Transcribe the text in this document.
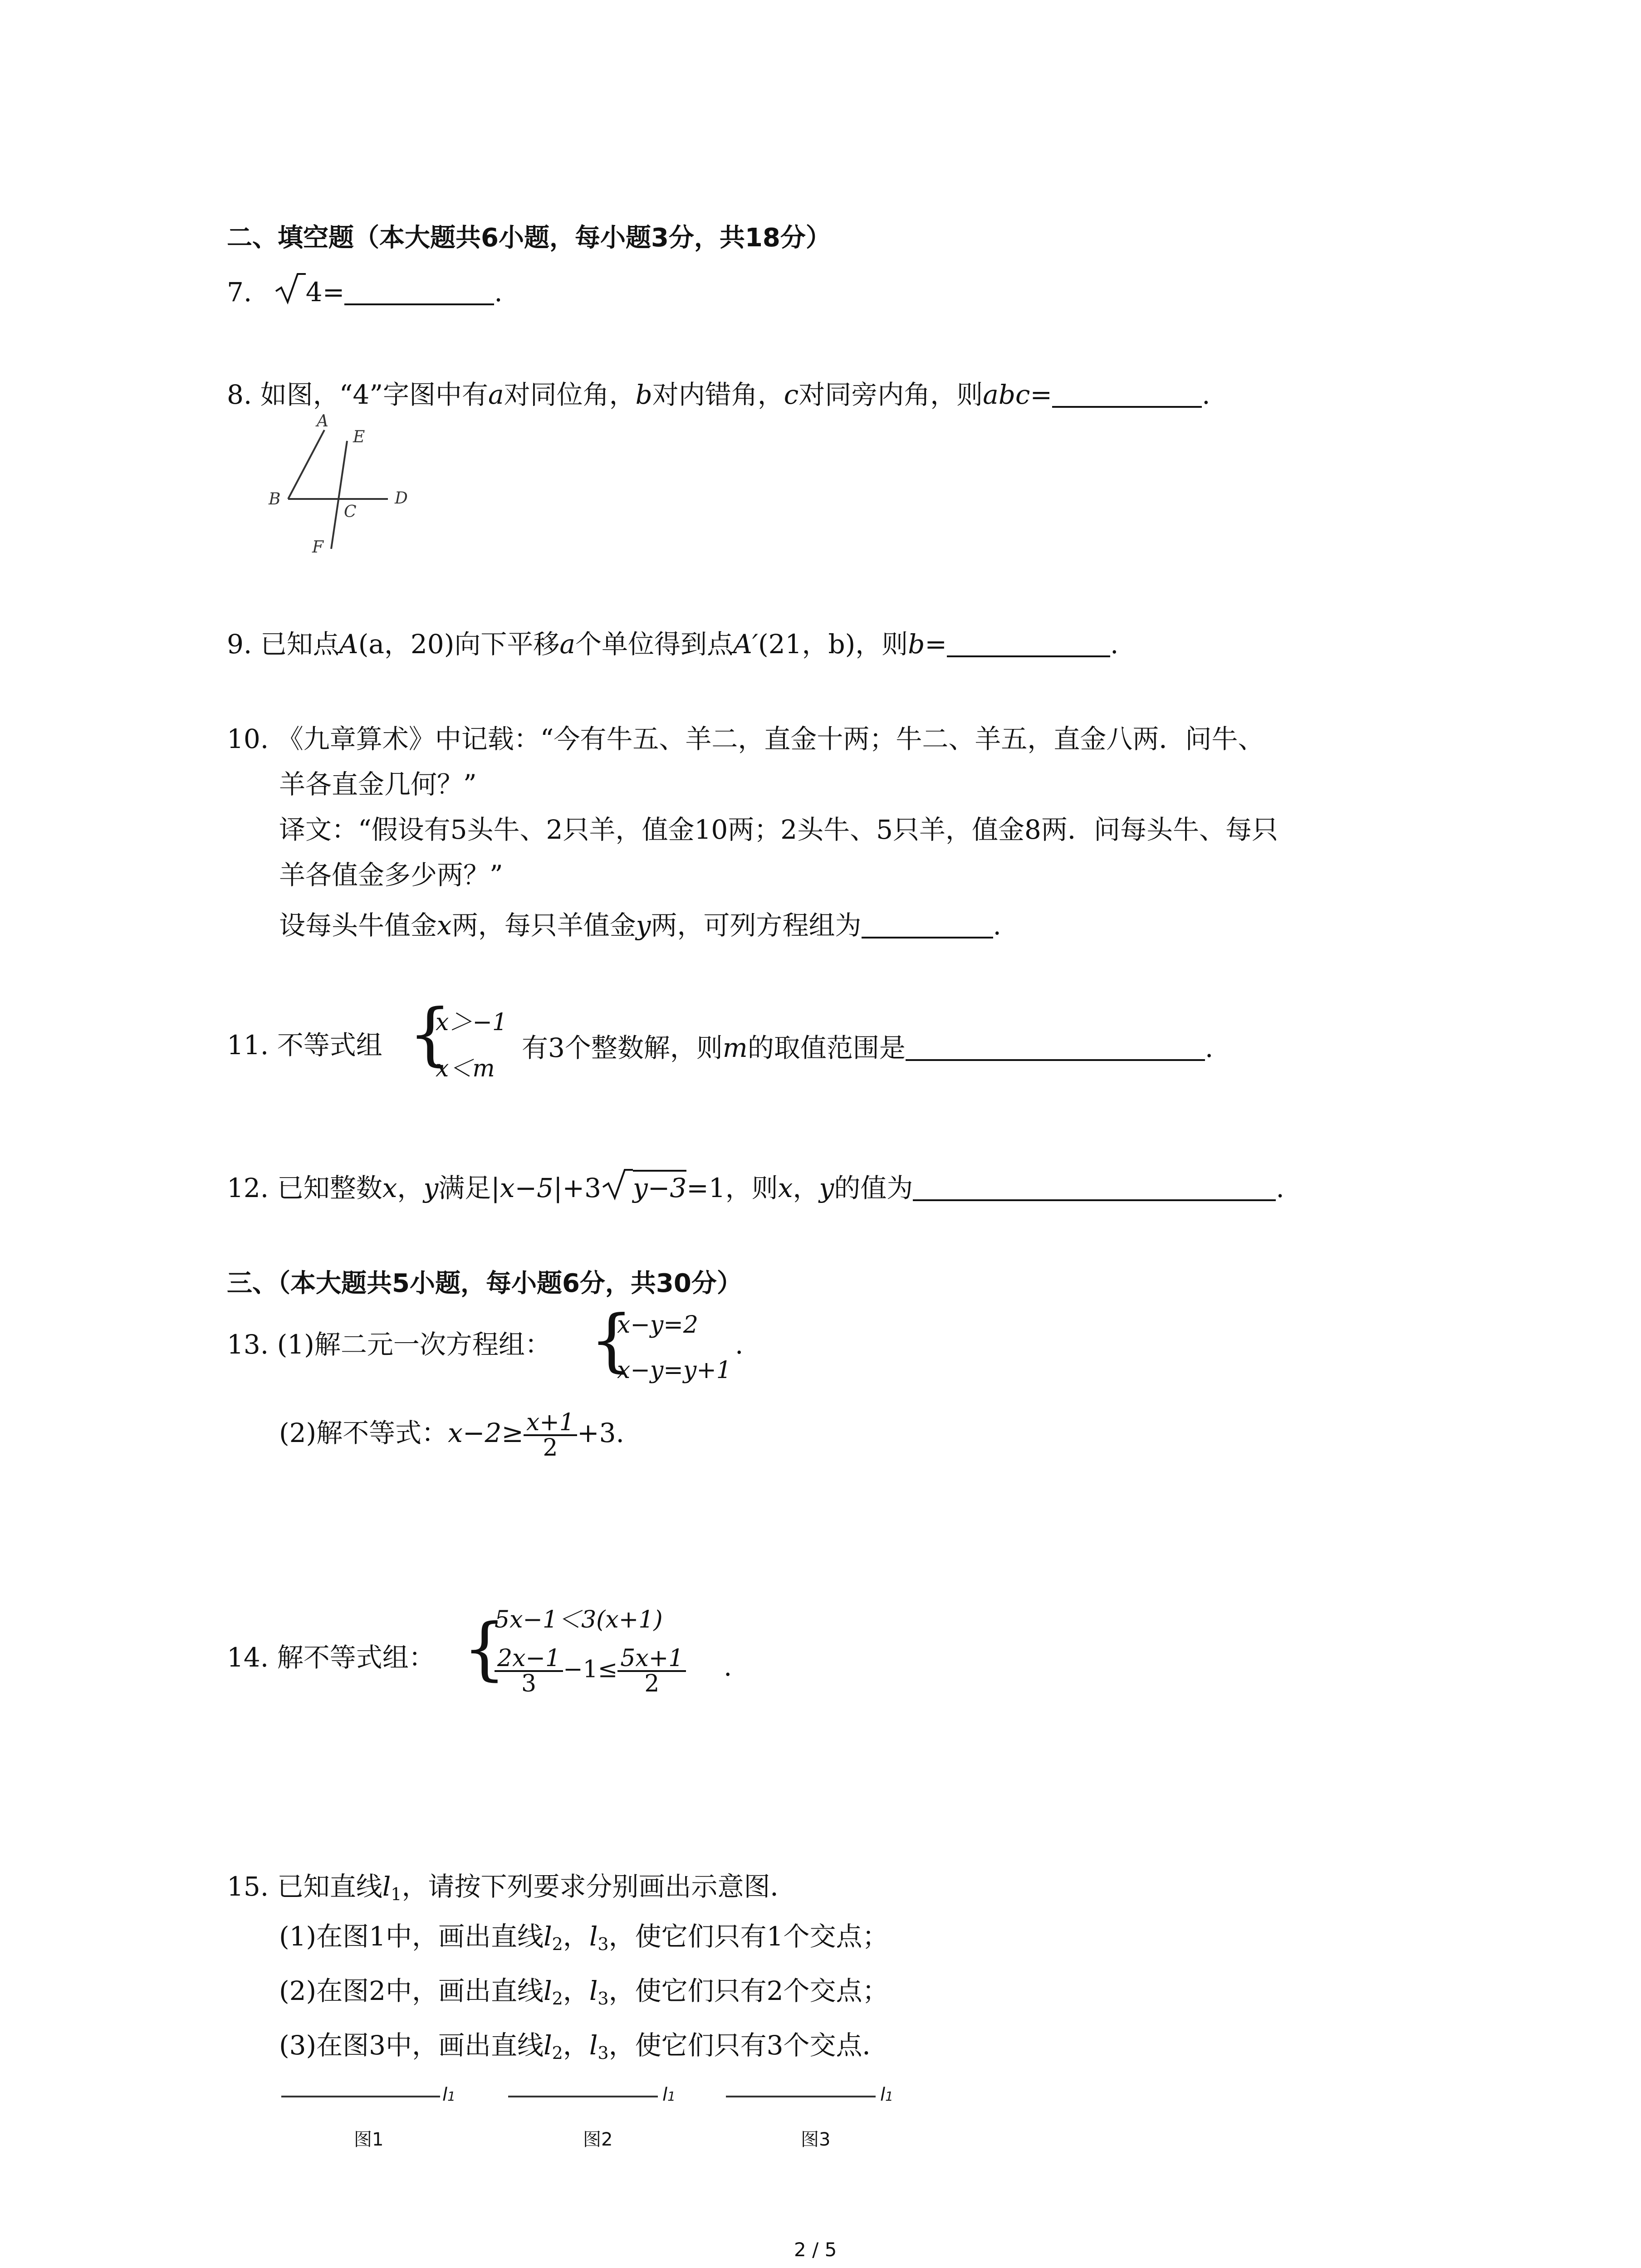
二、填空题（本大题共6小题，每小题3分，共18分）
7. 4=	.
8. 如图，“4”字图中有a对同位角，b对内错角，c对同旁内角，则abc=	.
A
E
B
C
D
F
9. 已知点A(a，20)向下平移a个单位得到点A′(21，b)，则b=	.
10. 《九章算术》中记载：“今有牛五、羊二，直金十两；牛二、羊五，直金八两．问牛、
羊各直金几何？”
译文：“假设有5头牛、2只羊，值金10两；2头牛、5只羊，值金8两．问每头牛、每只
羊各值金多少两？”
设每头牛值金x两，每只羊值金y两，可列方程组为	.
11. 不等式组 {
x＞−1
x＜m
有3个整数解，则m的取值范围是	.
12. 已知整数x，y满足|x−5|+3 y−3=1，则x，y的值为	.
三、（本大题共5小题，每小题6分，共30分）
13. (1)解二元一次方程组： {
x−y=2
x−y=y+1
.
(2)解不等式：$x-2\ge \frac{x+1}{2} +3$.
14. 解不等式组： {
5x−1＜3(x+1)
$\frac{2x-1}{3} -1\le \frac{5x+1}{2}$ .
15. 已知直线$l_1$，请按下列要求分别画出示意图．
(1)在图1中，画出直线$l_2$，$l_3$，使它们只有1个交点；
(2)在图2中，画出直线$l_2$，$l_3$，使它们只有2个交点；
(3)在图3中，画出直线$l_2$，$l_3$，使它们只有3个交点．
l1
图1
l1
图2
l1
图3
2 / 5
